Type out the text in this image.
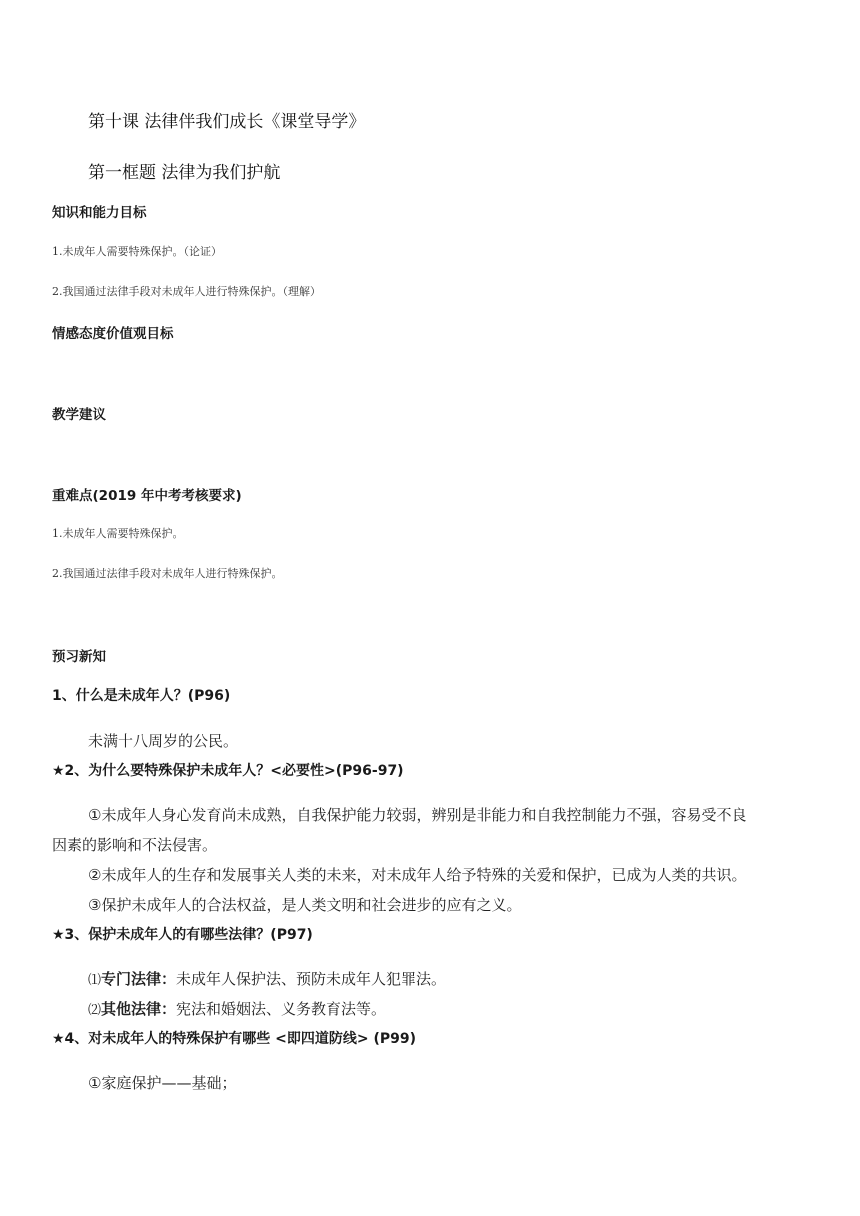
第十课 法律伴我们成长《课堂导学》
第一框题 法律为我们护航
知识和能力目标
1.未成年人需要特殊保护。（论证）
2.我国通过法律手段对未成年人进行特殊保护。（理解）
情感态度价值观目标
教学建议
重难点(2019 年中考考核要求)
1.未成年人需要特殊保护。
2.我国通过法律手段对未成年人进行特殊保护。
预习新知
1、什么是未成年人？(P96)
未满十八周岁的公民。
★2、为什么要特殊保护未成年人？<必要性>(P96-97)
①未成年人身心发育尚未成熟，自我保护能力较弱，辨别是非能力和自我控制能力不强，容易受不良
因素的影响和不法侵害。
②未成年人的生存和发展事关人类的未来，对未成年人给予特殊的关爱和保护，已成为人类的共识。
③保护未成年人的合法权益，是人类文明和社会进步的应有之义。
★3、保护未成年人的有哪些法律？(P97)
⑴专门法律：未成年人保护法、预防未成年人犯罪法。
⑵其他法律：宪法和婚姻法、义务教育法等。
★4、对未成年人的特殊保护有哪些 <即四道防线> (P99)
①家庭保护——基础；
